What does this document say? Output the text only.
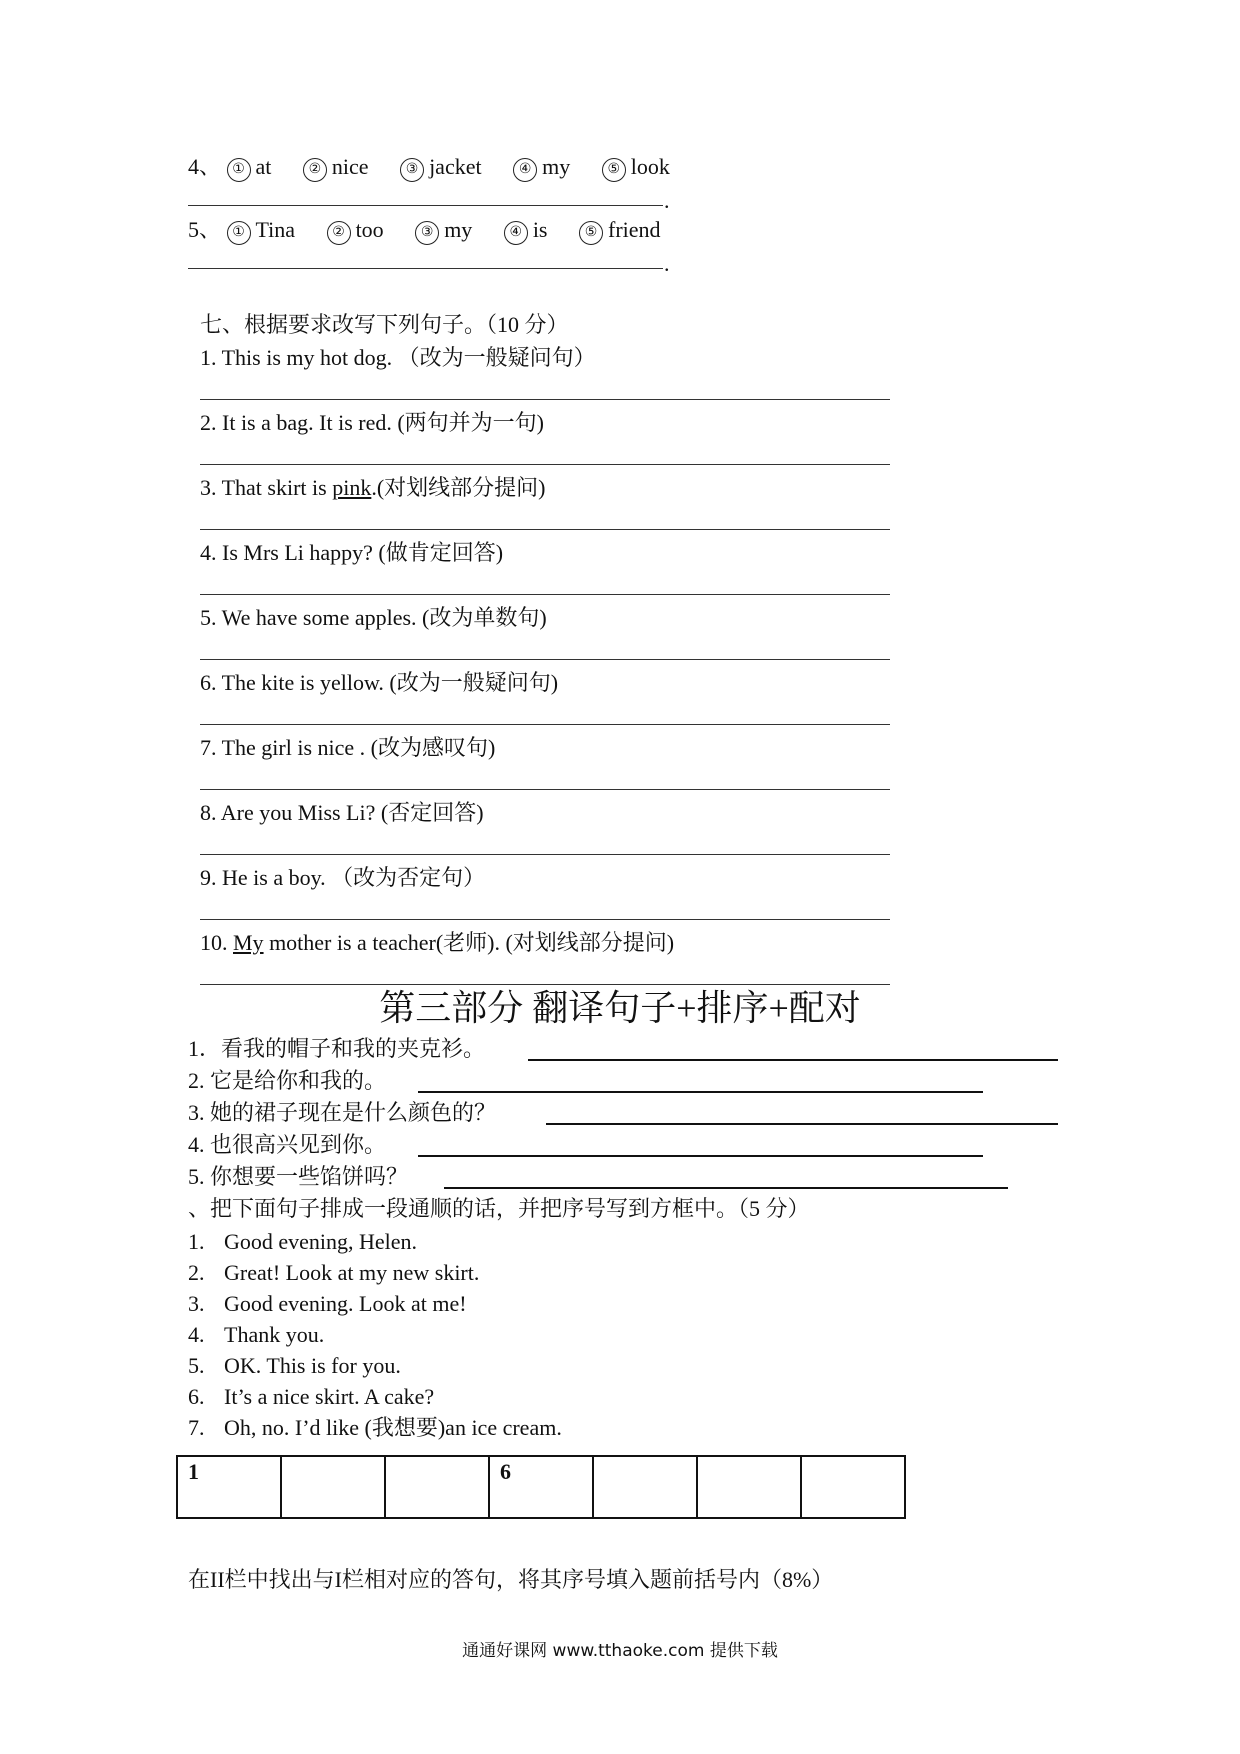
4、 ① at	② nice	③ jacket	④ my	⑤ look
.
5、 ① Tina	② too	③ my	④ is	⑤ friend
.
七、根据要求改写下列句子。（10 分）
1. This is my hot dog. （改为一般疑问句）
2. It is a bag. It is red. (两句并为一句)
3. That skirt is pink.(对划线部分提问)
4. Is Mrs Li happy? (做肯定回答)
5. We have some apples. (改为单数句)
6. The kite is yellow. (改为一般疑问句)
7. The girl is nice . (改为感叹句)
8. Are you Miss Li? (否定回答)
9. He is a boy. （改为否定句）
10. My mother is a teacher(老师). (对划线部分提问)
第三部分 翻译句子+排序+配对
1．看我的帽子和我的夹克衫。
2. 它是给你和我的。
3. 她的裙子现在是什么颜色的？
4. 也很高兴见到你。
5. 你想要一些馅饼吗？
、把下面句子排成一段通顺的话，并把序号写到方框中。（5 分）
1. Good evening, Helen.
2. Great! Look at my new skirt.
3. Good evening. Look at me!
4. Thank you.
5. OK. This is for you.
6. It’s a nice skirt. A cake?
7. Oh, no. I’d like (我想要)an ice cream.
1			6			
在II栏中找出与I栏相对应的答句，将其序号填入题前括号内（8%）
通通好课网 www.tthaoke.com 提供下载
